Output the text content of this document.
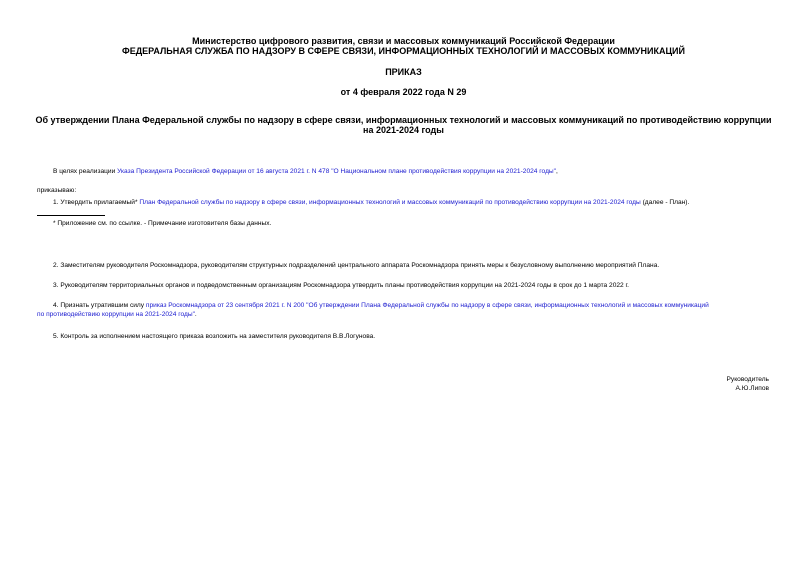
Министерство цифрового развития, связи и массовых коммуникаций Российской Федерации
ФЕДЕРАЛЬНАЯ СЛУЖБА ПО НАДЗОРУ В СФЕРЕ СВЯЗИ, ИНФОРМАЦИОННЫХ ТЕХНОЛОГИЙ И МАССОВЫХ КОММУНИКАЦИЙ
ПРИКАЗ
от 4 февраля 2022 года N 29
Об утверждении Плана Федеральной службы по надзору в сфере связи, информационных технологий и массовых коммуникаций по противодействию коррупции
на 2021-2024 годы
В целях реализации Указа Президента Российской Федерации от 16 августа 2021 г. N 478 "О Национальном плане противодействия коррупции на 2021-2024 годы",
приказываю:
1. Утвердить прилагаемый* План Федеральной службы по надзору в сфере связи, информационных технологий и массовых коммуникаций по противодействию коррупции на 2021-2024 годы (далее - План).
* Приложение см. по ссылке. - Примечание изготовителя базы данных.
2. Заместителям руководителя Роскомнадзора, руководителям структурных подразделений центрального аппарата Роскомнадзора принять меры к безусловному выполнению мероприятий Плана.
3. Руководителям территориальных органов и подведомственным организациям Роскомнадзора утвердить планы противодействия коррупции на 2021-2024 годы в срок до 1 марта 2022 г.
4. Признать утратившим силу приказ Роскомнадзора от 23 сентября 2021 г. N 200 "Об утверждении Плана Федеральной службы по надзору в сфере связи, информационных технологий и массовых коммуникаций
по противодействию коррупции на 2021-2024 годы".
5. Контроль за исполнением настоящего приказа возложить на заместителя руководителя В.В.Логунова.
Руководитель
А.Ю.Липов
